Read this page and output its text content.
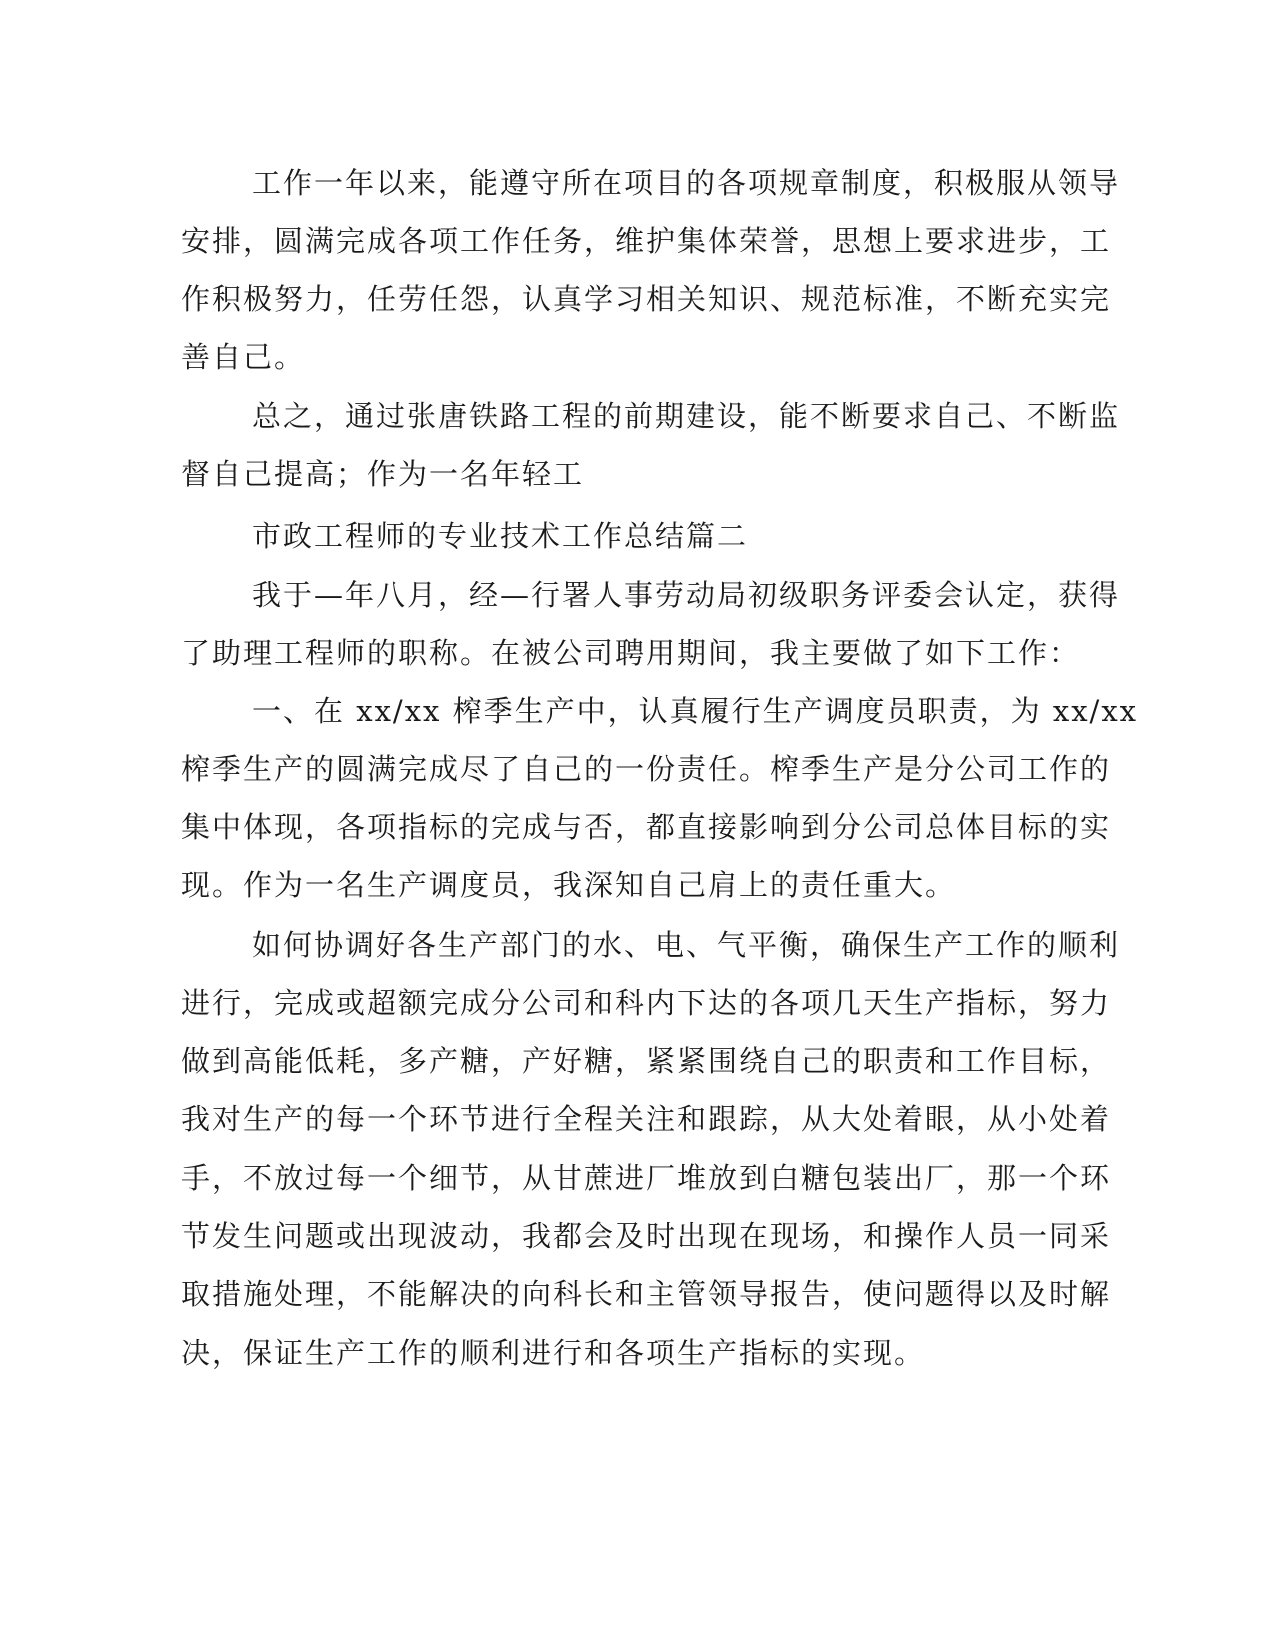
工作一年以来，能遵守所在项目的各项规章制度，积极服从领导

安排，圆满完成各项工作任务，维护集体荣誉，思想上要求进步，工

作积极努力，任劳任怨，认真学习相关知识、规范标准，不断充实完

善自己。

总之，通过张唐铁路工程的前期建设，能不断要求自己、不断监

督自己提高；作为一名年轻工

市政工程师的专业技术工作总结篇二

我于—年八月，经—行署人事劳动局初级职务评委会认定，获得

了助理工程师的职称。在被公司聘用期间，我主要做了如下工作：

一、在 xx/xx 榨季生产中，认真履行生产调度员职责，为 xx/xx

榨季生产的圆满完成尽了自己的一份责任。榨季生产是分公司工作的

集中体现，各项指标的完成与否，都直接影响到分公司总体目标的实

现。作为一名生产调度员，我深知自己肩上的责任重大。

如何协调好各生产部门的水、电、气平衡，确保生产工作的顺利

进行，完成或超额完成分公司和科内下达的各项几天生产指标，努力

做到高能低耗，多产糖，产好糖，紧紧围绕自己的职责和工作目标，

我对生产的每一个环节进行全程关注和跟踪，从大处着眼，从小处着

手，不放过每一个细节，从甘蔗进厂堆放到白糖包装出厂，那一个环

节发生问题或出现波动，我都会及时出现在现场，和操作人员一同采

取措施处理，不能解决的向科长和主管领导报告，使问题得以及时解

决，保证生产工作的顺利进行和各项生产指标的实现。
